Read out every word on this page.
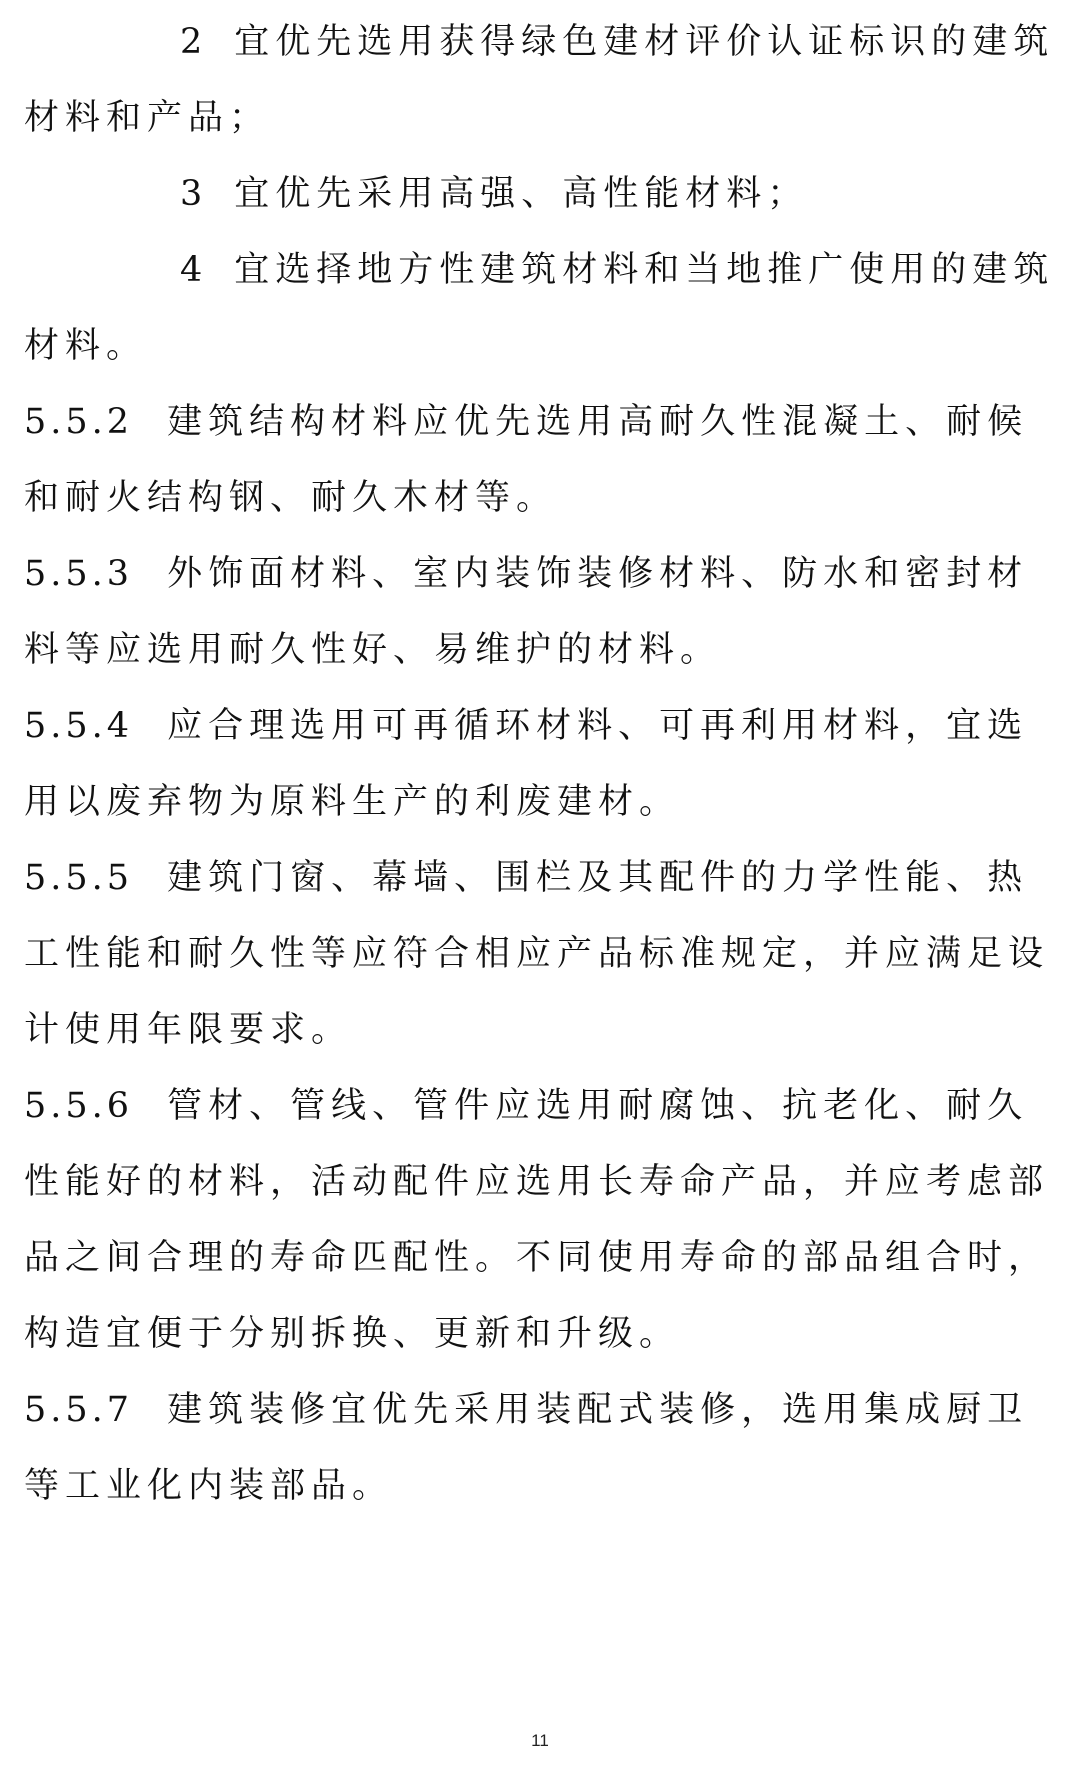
2 宜优先选用获得绿色建材评价认证标识的建筑材料和产品；

3 宜优先采用高强、高性能材料；

4 宜选择地方性建筑材料和当地推广使用的建筑材料。

5.5.2 建筑结构材料应优先选用高耐久性混凝土、耐候和耐火结构钢、耐久木材等。

5.5.3 外饰面材料、室内装饰装修材料、防水和密封材料等应选用耐久性好、易维护的材料。

5.5.4 应合理选用可再循环材料、可再利用材料，宜选用以废弃物为原料生产的利废建材。

5.5.5 建筑门窗、幕墙、围栏及其配件的力学性能、热工性能和耐久性等应符合相应产品标准规定，并应满足设计使用年限要求。

5.5.6 管材、管线、管件应选用耐腐蚀、抗老化、耐久性能好的材料，活动配件应选用长寿命产品，并应考虑部品之间合理的寿命匹配性。不同使用寿命的部品组合时，构造宜便于分别拆换、更新和升级。

5.5.7 建筑装修宜优先采用装配式装修，选用集成厨卫等工业化内装部品。

11
